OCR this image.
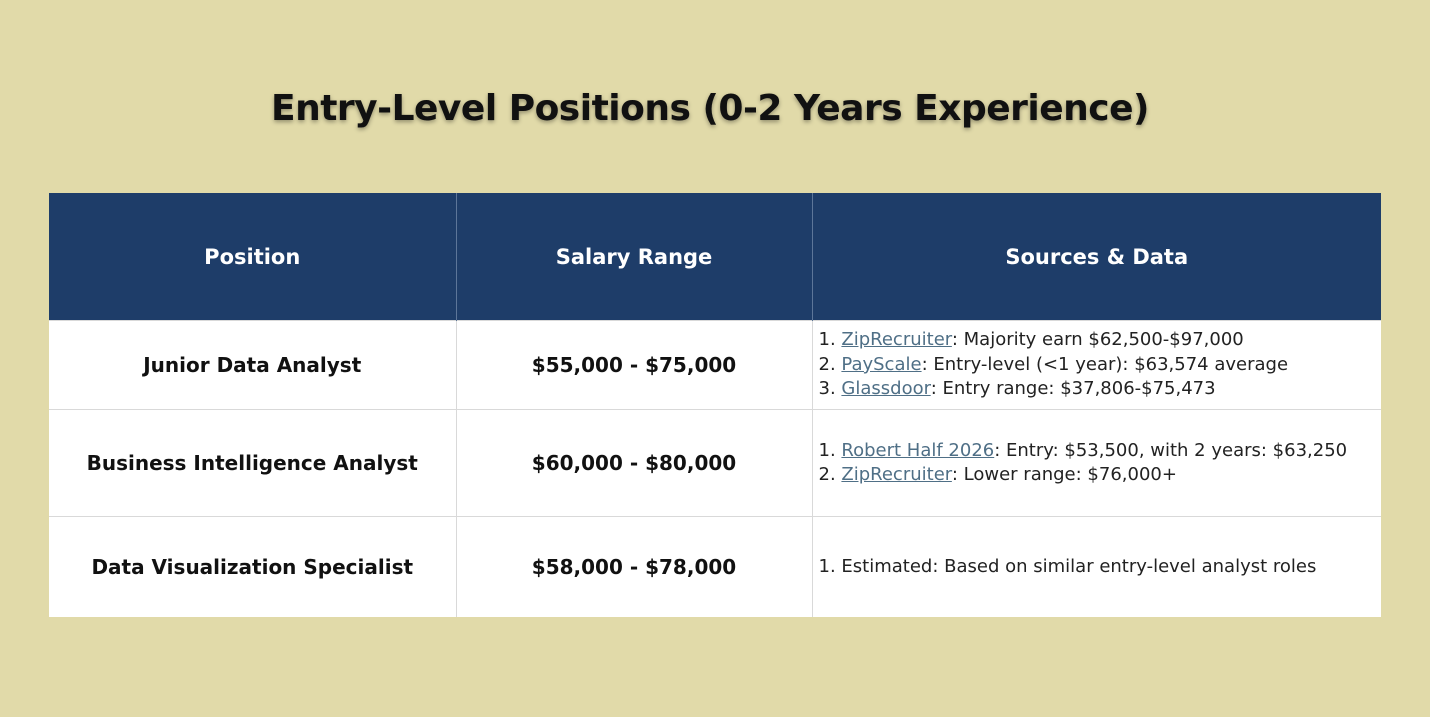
Entry-Level Positions (0-2 Years Experience)
Position	Salary Range	Sources & Data
Junior Data Analyst	$55,000 - $75,000	1. ZipRecruiter: Majority earn $62,500-$97,000
2. PayScale: Entry-level (<1 year): $63,574 average
3. Glassdoor: Entry range: $37,806-$75,473

Business Intelligence Analyst	$60,000 - $80,000	1. Robert Half 2026: Entry: $53,500, with 2 years: $63,250
2. ZipRecruiter: Lower range: $76,000+

Data Visualization Specialist	$58,000 - $78,000	1. Estimated: Based on similar entry-level analyst roles
